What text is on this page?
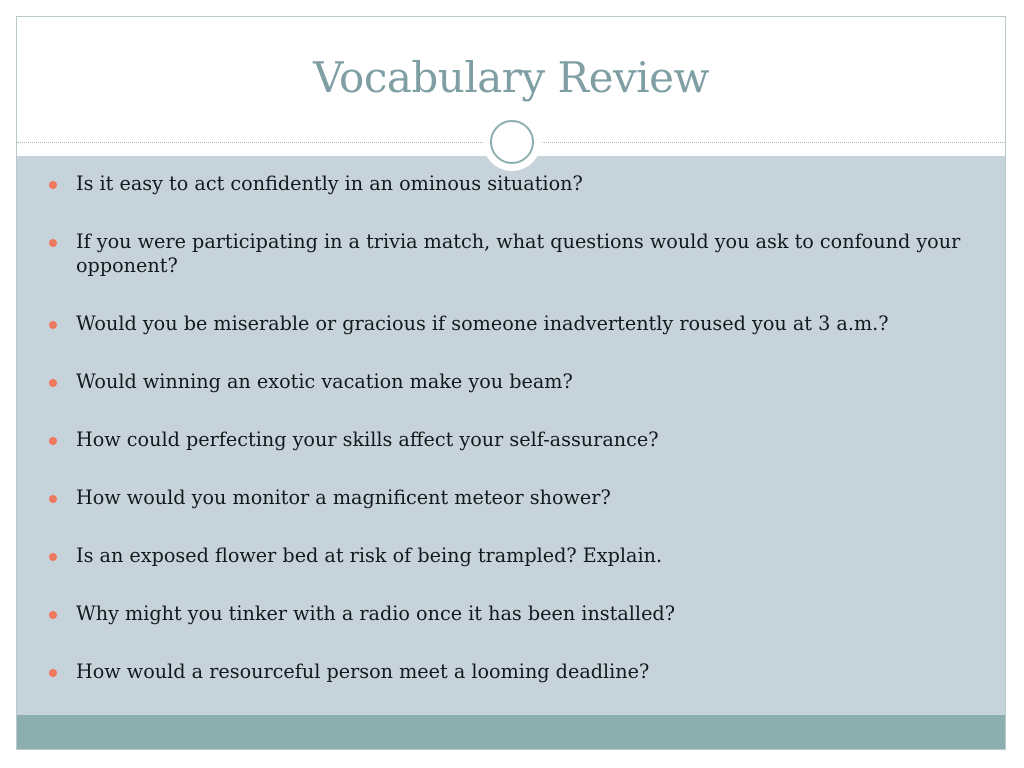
Vocabulary Review
Is it easy to act confidently in an ominous situation?
If you were participating in a trivia match, what questions would you ask to confound your opponent?
Would you be miserable or gracious if someone inadvertently roused you at 3 a.m.?
Would winning an exotic vacation make you beam?
How could perfecting your skills affect your self-assurance?
How would you monitor a magnificent meteor shower?
Is an exposed flower bed at risk of being trampled? Explain.
Why might you tinker with a radio once it has been installed?
How would a resourceful person meet a looming deadline?
